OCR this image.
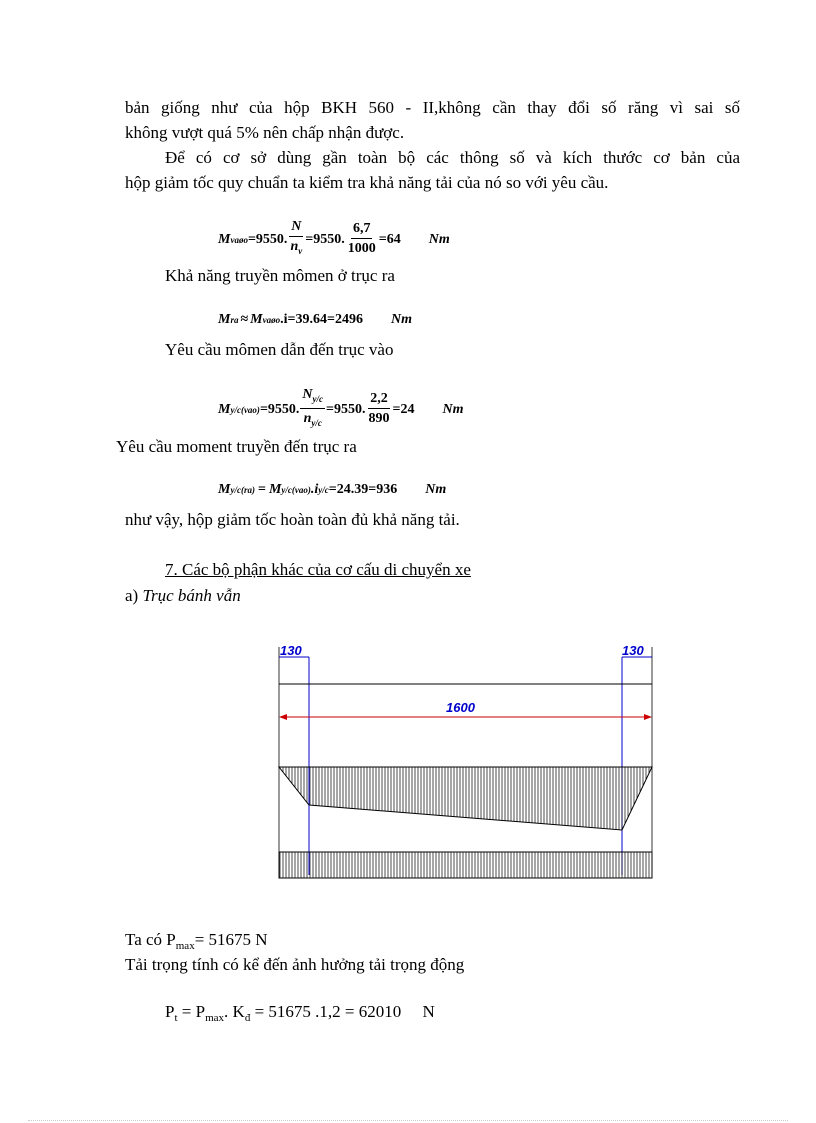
bản giống như của hộp BKH 560 - II,không cần thay đổi số răng vì sai số
không vượt quá 5% nên chấp nhận được.
Để có cơ sở dùng gần toàn bộ các thông số và kích thước cơ bản của
hộp giảm tốc quy chuẩn ta kiểm tra khả năng tải của nó so với yêu cầu.
M vaøo =9550. $\frac{N}{n_v} =9550$. $\frac{6,7}{1000} =64$ Nm
Khả năng truyền mômen ở trục ra
M ra ≈ M vaøo .i=39.64=2496 Nm
Yêu cầu mômen dẫn đến trục vào
M y/c(vao) =9550. $\frac{N_{y/c}}{n_{y/c}} =9550$. $\frac{2,2}{890} =24$ Nm
Yêu cầu moment truyền đến trục ra
M y/c(ra) = M y/c(vao) .i y/c =24.39=936 Nm
như vậy, hộp giảm tốc hoàn toàn đủ khả năng tải.
7. Các bộ phận khác của cơ cấu di chuyển xe
a) Trục bánh vẫn
130	130
1600
Ta có $P_{max}= 51675$ N
Tải trọng tính có kể đến ảnh hưởng tải trọng động
$P_t = P_{max}$. $K_đ = 51675$ .1,2 = 62010     N
